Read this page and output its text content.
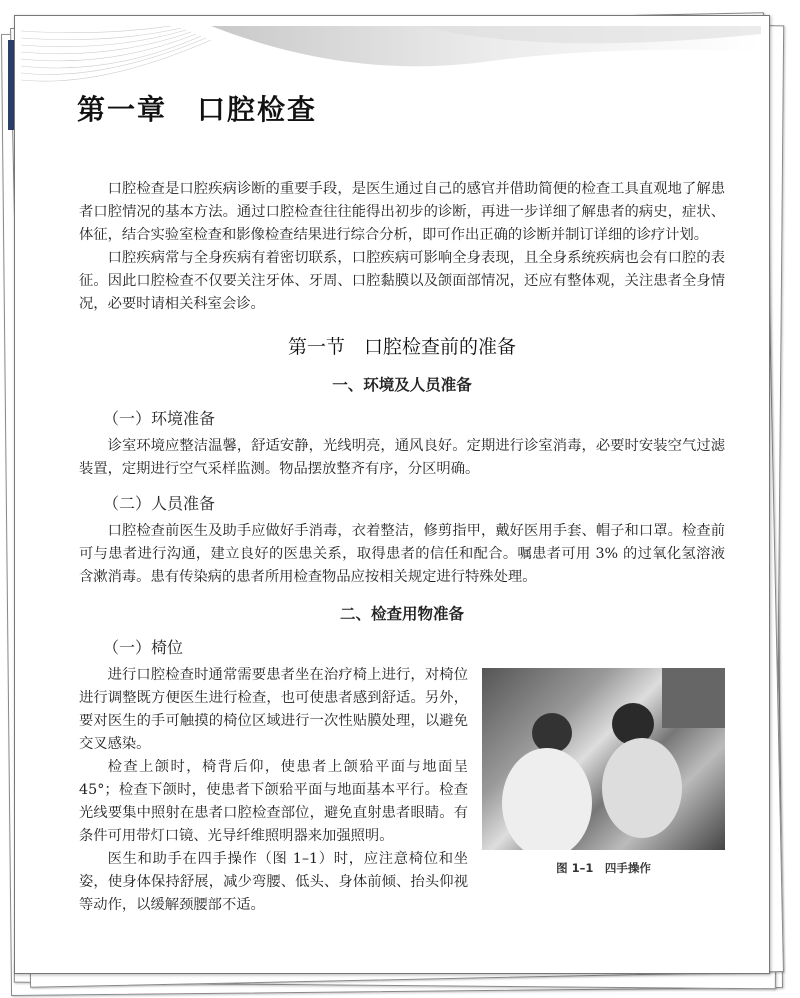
第一章　口腔检查

口腔检查是口腔疾病诊断的重要手段，是医生通过自己的感官并借助简便的检查工具直观地了解患者口腔情况的基本方法。通过口腔检查往往能得出初步的诊断，再进一步详细了解患者的病史，症状、体征，结合实验室检查和影像检查结果进行综合分析，即可作出正确的诊断并制订详细的诊疗计划。

口腔疾病常与全身疾病有着密切联系，口腔疾病可影响全身表现，且全身系统疾病也会有口腔的表征。因此口腔检查不仅要关注牙体、牙周、口腔黏膜以及颌面部情况，还应有整体观，关注患者全身情况，必要时请相关科室会诊。

第一节　口腔检查前的准备
一、环境及人员准备
（一）环境准备

诊室环境应整洁温馨，舒适安静，光线明亮，通风良好。定期进行诊室消毒，必要时安装空气过滤装置，定期进行空气采样监测。物品摆放整齐有序，分区明确。

（二）人员准备

口腔检查前医生及助手应做好手消毒，衣着整洁，修剪指甲，戴好医用手套、帽子和口罩。检查前可与患者进行沟通，建立良好的医患关系，取得患者的信任和配合。嘱患者可用 3% 的过氧化氢溶液含漱消毒。患有传染病的患者所用检查物品应按相关规定进行特殊处理。

二、检查用物准备
（一）椅位
图 1–1　四手操作

进行口腔检查时通常需要患者坐在治疗椅上进行，对椅位进行调整既方便医生进行检查，也可使患者感到舒适。另外，要对医生的手可触摸的椅位区域进行一次性贴膜处理，以避免交叉感染。

检查上颌时，椅背后仰，使患者上颌𬌗平面与地面呈 45°；检查下颌时，使患者下颌𬌗平面与地面基本平行。检查光线要集中照射在患者口腔检查部位，避免直射患者眼睛。有条件可用带灯口镜、光导纤维照明器来加强照明。

医生和助手在四手操作（图 1–1）时，应注意椅位和坐姿，使身体保持舒展，减少弯腰、低头、身体前倾、抬头仰视等动作，以缓解颈腰部不适。
